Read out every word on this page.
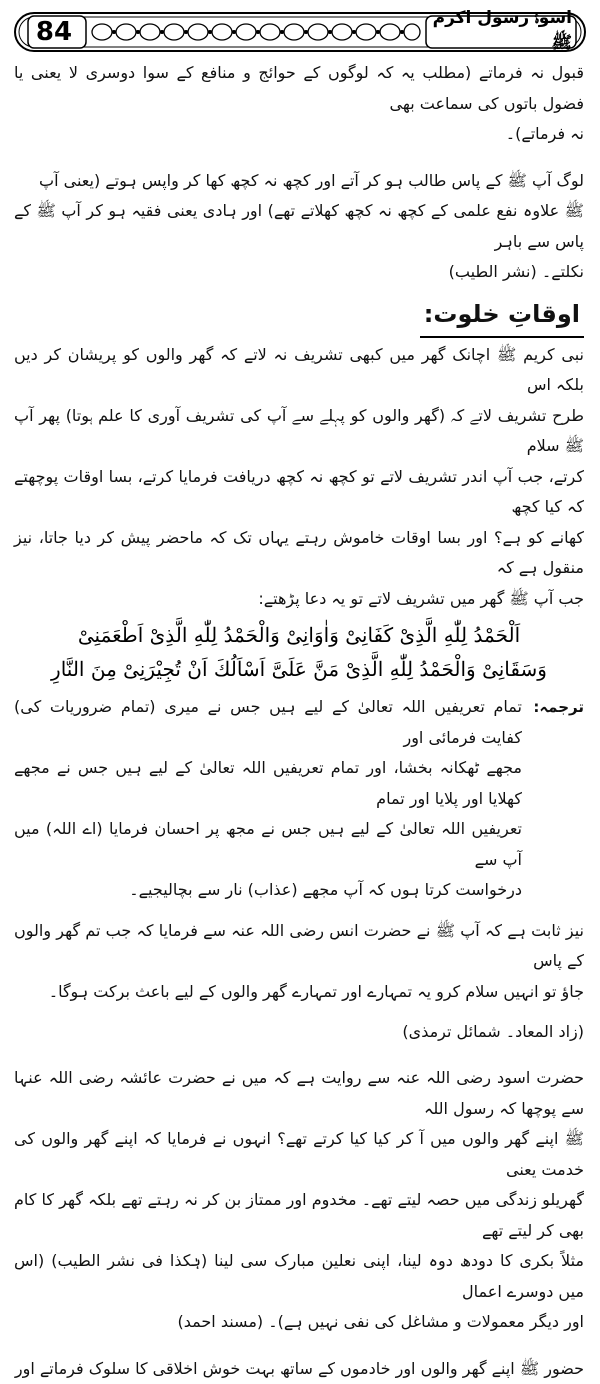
84	اسوۂ رسول اکرم ﷺ
قبول نہ فرماتے (مطلب یہ کہ لوگوں کے حوائج و منافع کے سوا دوسری لا یعنی یا فضول باتوں کی سماعت بھی
نہ فرماتے)۔
لوگ آپ ﷺ کے پاس طالب ہو کر آتے اور کچھ نہ کچھ کھا کر واپس ہوتے (یعنی آپ
ﷺ علاوہ نفع علمی کے کچھ نہ کچھ کھلاتے تھے) اور ہادی یعنی فقیہ ہو کر آپ ﷺ کے پاس سے باہر
نکلتے۔ (نشر الطیب)
اوقاتِ خلوت:
نبی کریم ﷺ اچانک گھر میں کبھی تشریف نہ لاتے کہ گھر والوں کو پریشان کر دیں بلکہ اس
طرح تشریف لاتے کہ (گھر والوں کو پہلے سے آپ کی تشریف آوری کا علم ہوتا) پھر آپ ﷺ سلام
کرتے، جب آپ اندر تشریف لاتے تو کچھ نہ کچھ دریافت فرمایا کرتے، بسا اوقات پوچھتے کہ کیا کچھ
کھانے کو ہے؟ اور بسا اوقات خاموش رہتے یہاں تک کہ ماحضر پیش کر دیا جاتا، نیز منقول ہے کہ
جب آپ ﷺ گھر میں تشریف لاتے تو یہ دعا پڑھتے:
اَلْحَمْدُ لِلّٰهِ الَّذِیْ كَفَانِیْ وَاٰوَانِیْ وَالْحَمْدُ لِلّٰهِ الَّذِیْ اَطْعَمَنِیْ
وَسَقَانِیْ وَالْحَمْدُ لِلّٰهِ الَّذِیْ مَنَّ عَلَیَّ اَسْاَلُكَ اَنْ تُجِیْرَنِیْ مِنَ النَّارِ
ترجمہ:
تمام تعریفیں اللہ تعالیٰ کے لیے ہیں جس نے میری (تمام ضروریات کی) کفایت فرمائی اور
مجھے ٹھکانہ بخشا، اور تمام تعریفیں اللہ تعالیٰ کے لیے ہیں جس نے مجھے کھلایا اور پلایا اور تمام
تعریفیں اللہ تعالیٰ کے لیے ہیں جس نے مجھ پر احسان فرمایا (اے اللہ) میں آپ سے
درخواست کرتا ہوں کہ آپ مجھے (عذاب) نار سے بچالیجیے۔
نیز ثابت ہے کہ آپ ﷺ نے حضرت انس رضی اللہ عنہ سے فرمایا کہ جب تم گھر والوں کے پاس
جاؤ تو انہیں سلام کرو یہ تمہارے اور تمہارے گھر والوں کے لیے باعث برکت ہوگا۔
(زاد المعاد۔ شمائل ترمذی)
حضرت اسود رضی اللہ عنہ سے روایت ہے کہ میں نے حضرت عائشہ رضی اللہ عنہا سے پوچھا کہ رسول اللہ
ﷺ اپنے گھر والوں میں آ کر کیا کیا کرتے تھے؟ انہوں نے فرمایا کہ اپنے گھر والوں کی خدمت یعنی
گھریلو زندگی میں حصہ لیتے تھے۔ مخدوم اور ممتاز بن کر نہ رہتے تھے بلکہ گھر کا کام بھی کر لیتے تھے
مثلاً بکری کا دودھ دوہ لینا، اپنی نعلین مبارک سی لینا (ہٰکذا فی نشر الطیب) (اس میں دوسرے اعمال
اور دیگر معمولات و مشاغل کی نفی نہیں ہے)۔ (مسند احمد)
حضور ﷺ اپنے گھر والوں اور خادموں کے ساتھ بہت خوش اخلاقی کا سلوک فرماتے اور
